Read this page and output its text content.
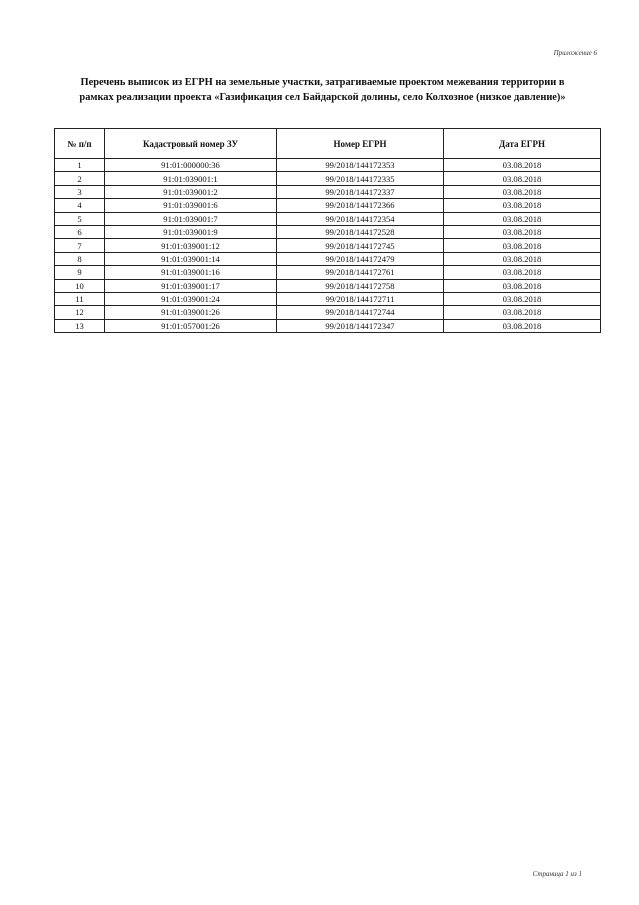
Приложение 6
Перечень выписок из ЕГРН на земельные участки, затрагиваемые проектом межевания территории в
рамках реализации проекта «Газификация сел Байдарской долины, село Колхозное (низкое давление)»
№ п/п	Кадастровый номер ЗУ	Номер ЕГРН	Дата ЕГРН
1	91:01:000000:36	99/2018/144172353	03.08.2018
2	91:01:039001:1	99/2018/144172335	03.08.2018
3	91:01:039001:2	99/2018/144172337	03.08.2018
4	91:01:039001:6	99/2018/144172366	03.08.2018
5	91:01:039001:7	99/2018/144172354	03.08.2018
6	91:01:039001:9	99/2018/144172528	03.08.2018
7	91:01:039001:12	99/2018/144172745	03.08.2018
8	91:01:039001:14	99/2018/144172479	03.08.2018
9	91:01:039001:16	99/2018/144172761	03.08.2018
10	91:01:039001:17	99/2018/144172758	03.08.2018
11	91:01:039001:24	99/2018/144172711	03.08.2018
12	91:01:039001:26	99/2018/144172744	03.08.2018
13	91:01:057001:26	99/2018/144172347	03.08.2018
Страница 1 из 1
